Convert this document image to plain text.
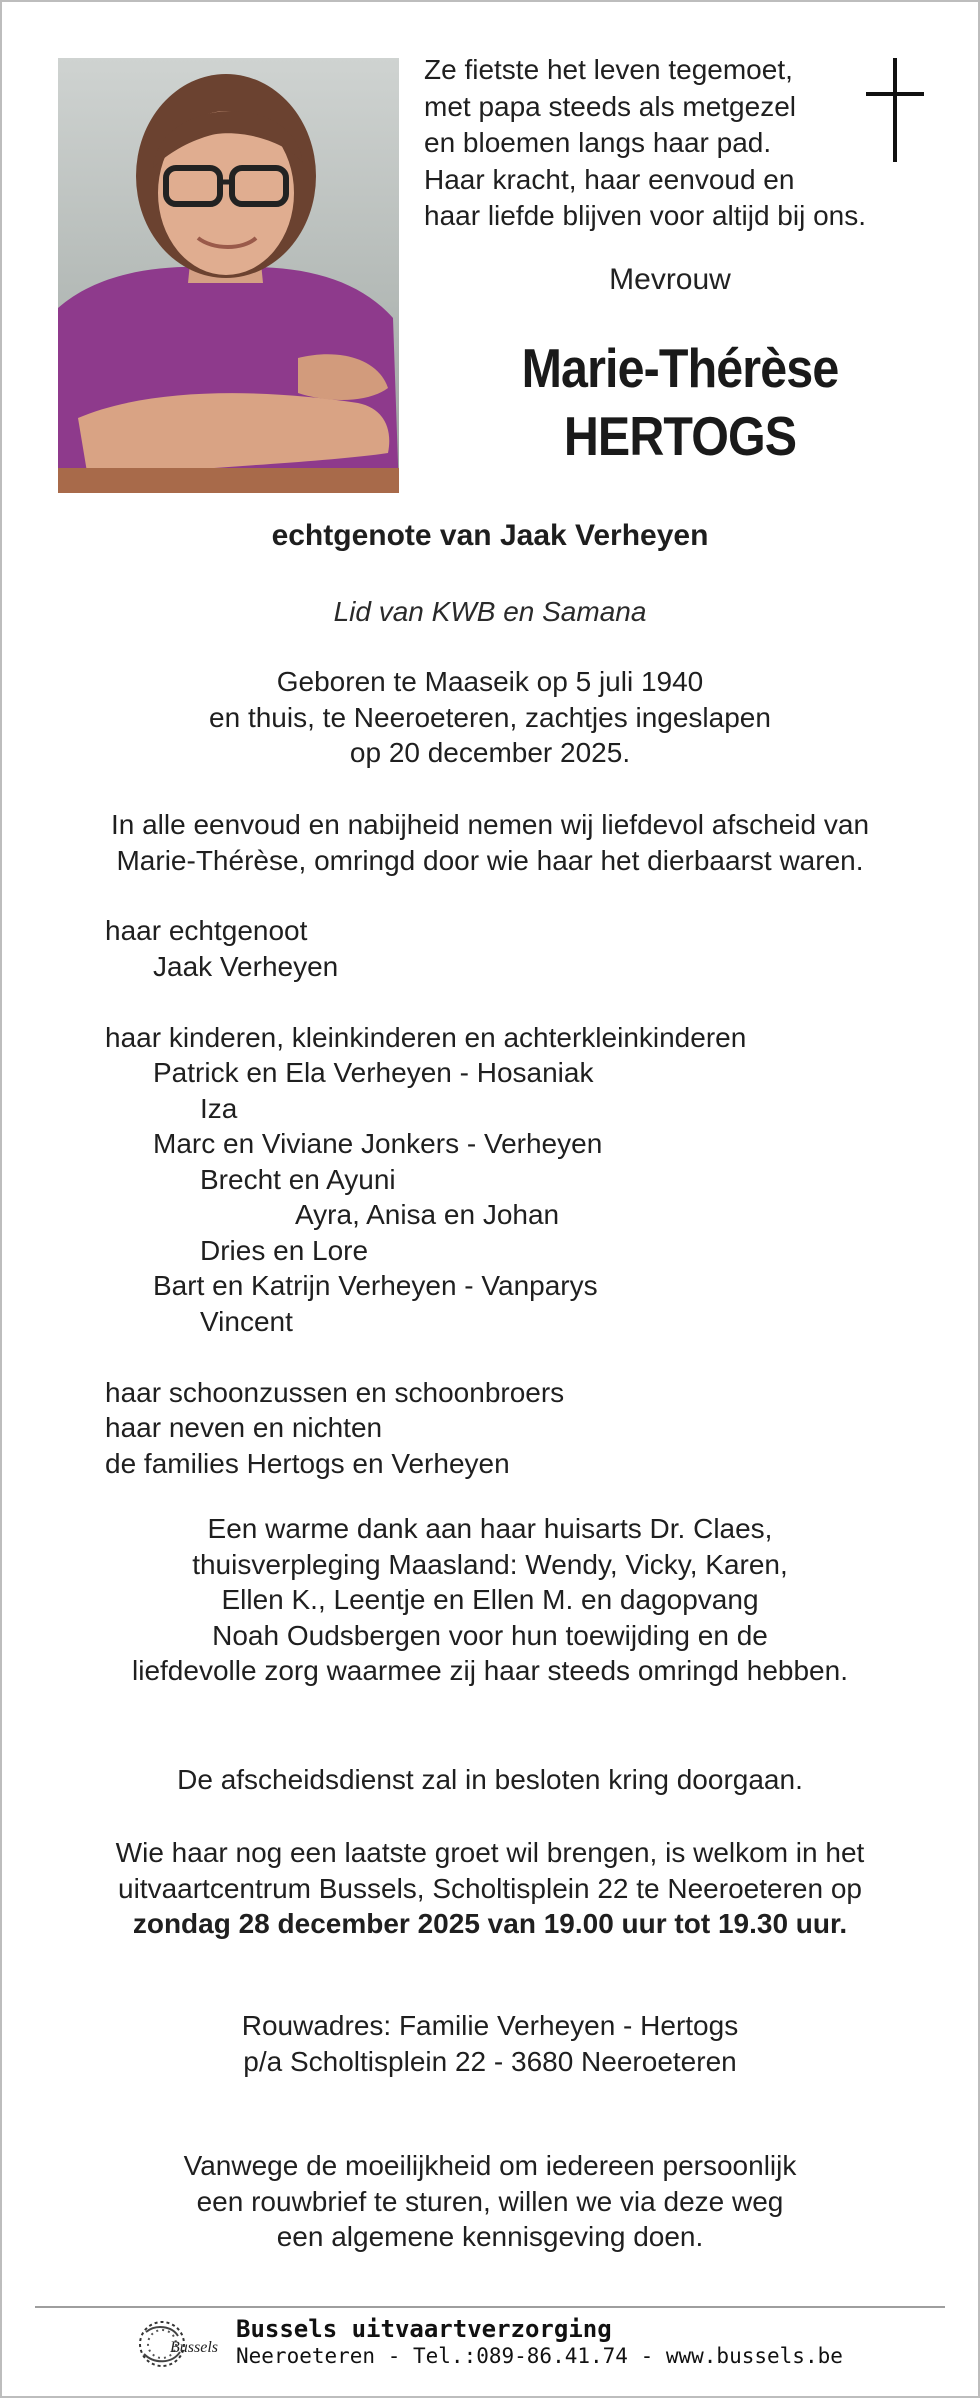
Ze fietste het leven tegemoet,
met papa steeds als metgezel
en bloemen langs haar pad.
Haar kracht, haar eenvoud en
haar liefde blijven voor altijd bij ons.
Mevrouw
Marie-Thérèse
HERTOGS
echtgenote van Jaak Verheyen
Lid van KWB en Samana
Geboren te Maaseik op 5 juli 1940
en thuis, te Neeroeteren, zachtjes ingeslapen
op 20 december 2025.
In alle eenvoud en nabijheid nemen wij liefdevol afscheid van
Marie-Thérèse, omringd door wie haar het dierbaarst waren.
haar echtgenoot
Jaak Verheyen
haar kinderen, kleinkinderen en achterkleinkinderen
Patrick en Ela Verheyen - Hosaniak
Iza
Marc en Viviane Jonkers - Verheyen
Brecht en Ayuni
Ayra, Anisa en Johan
Dries en Lore
Bart en Katrijn Verheyen - Vanparys
Vincent
haar schoonzussen en schoonbroers
haar neven en nichten
de families Hertogs en Verheyen
Een warme dank aan haar huisarts Dr. Claes,
thuisverpleging Maasland: Wendy, Vicky, Karen,
Ellen K., Leentje en Ellen M. en dagopvang
Noah Oudsbergen voor hun toewijding en de
liefdevolle zorg waarmee zij haar steeds omringd hebben.
De afscheidsdienst zal in besloten kring doorgaan.
Wie haar nog een laatste groet wil brengen, is welkom in het
uitvaartcentrum Bussels, Scholtisplein 22 te Neeroeteren op
zondag 28 december 2025 van 19.00 uur tot 19.30 uur.
Rouwadres: Familie Verheyen - Hertogs
p/a Scholtisplein 22 - 3680 Neeroeteren
Vanwege de moeilijkheid om iedereen persoonlijk
een rouwbrief te sturen, willen we via deze weg
een algemene kennisgeving doen.
Bussels
Bussels uitvaartverzorging
Neeroeteren - Tel.:089-86.41.74 - www.bussels.be
